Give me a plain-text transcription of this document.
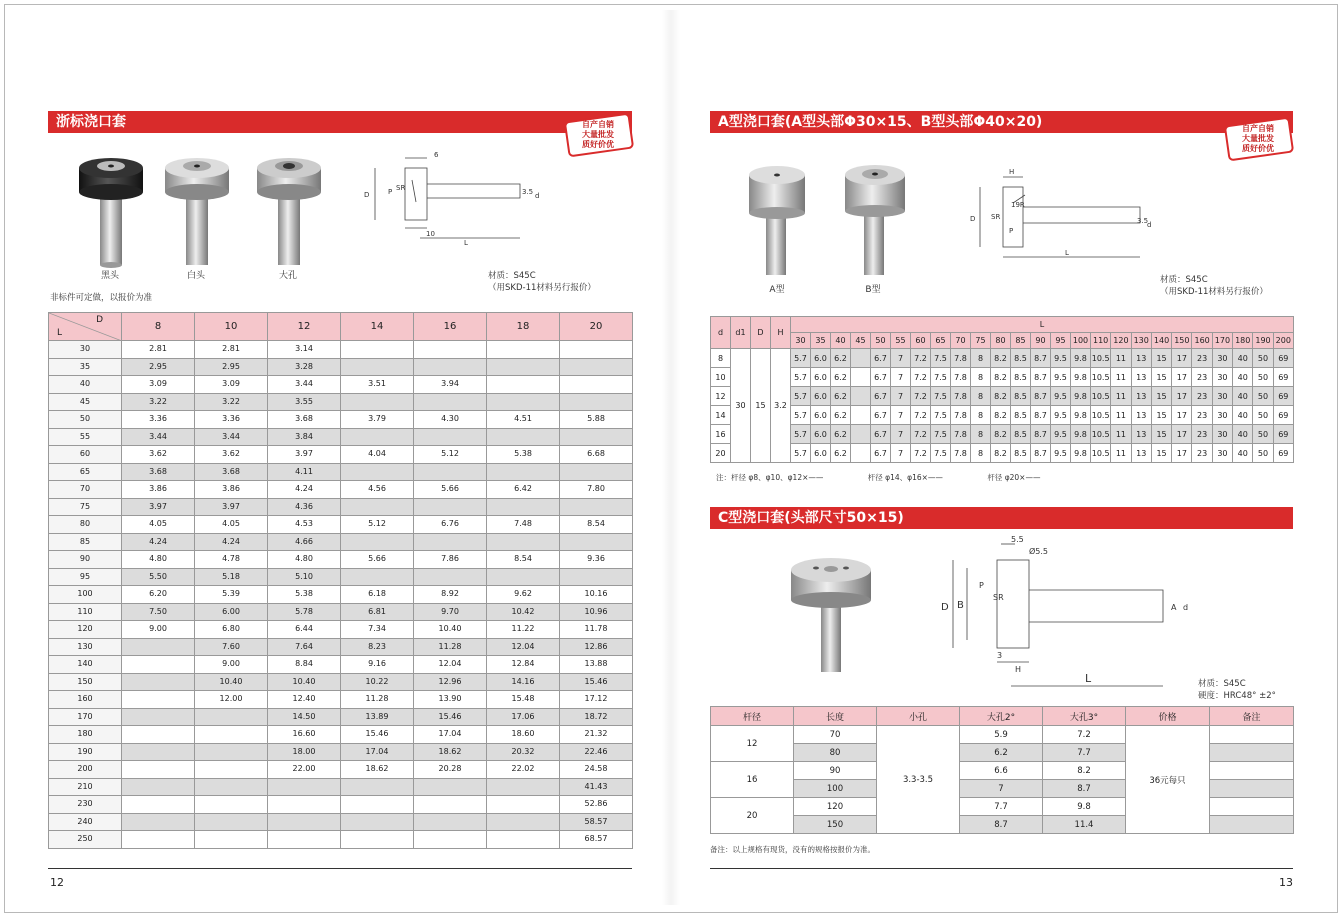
浙标浇口套	自产自销
大量批发
质好价优
黑头	白头	大孔
6
D	P SR	3.5 d
10
L
材质：S45C
（用SKD-11材料另行报价）
非标件可定做，以报价为准
D
L	8	10	12	14	16	18	20
30	2.81	2.81	3.14				
35	2.95	2.95	3.28				
40	3.09	3.09	3.44	3.51	3.94		
45	3.22	3.22	3.55				
50	3.36	3.36	3.68	3.79	4.30	4.51	5.88
55	3.44	3.44	3.84				
60	3.62	3.62	3.97	4.04	5.12	5.38	6.68
65	3.68	3.68	4.11				
70	3.86	3.86	4.24	4.56	5.66	6.42	7.80
75	3.97	3.97	4.36				
80	4.05	4.05	4.53	5.12	6.76	7.48	8.54
85	4.24	4.24	4.66				
90	4.80	4.78	4.80	5.66	7.86	8.54	9.36
95	5.50	5.18	5.10				
100	6.20	5.39	5.38	6.18	8.92	9.62	10.16
110	7.50	6.00	5.78	6.81	9.70	10.42	10.96
120	9.00	6.80	6.44	7.34	10.40	11.22	11.78
130		7.60	7.64	8.23	11.28	12.04	12.86
140		9.00	8.84	9.16	12.04	12.84	13.88
150		10.40	10.40	10.22	12.96	14.16	15.46
160		12.00	12.40	11.28	13.90	15.48	17.12
170			14.50	13.89	15.46	17.06	18.72
180			16.60	15.46	17.04	18.60	21.32
190			18.00	17.04	18.62	20.32	22.46
200			22.00	18.62	20.28	22.02	24.58
210							41.43
230							52.86
240							58.57
250							68.57
12
A型浇口套(A型头部Φ30×15、B型头部Φ40×20)	自产自销
大量批发
质好价优
A型	B型
H
D SR
19R
P
3.5
d
L
材质：S45C
（用SKD-11材料另行报价）
d	d1	D	H	L																								
				30	35	40	45	50	55	60	65	70	75	80	85	90	95	100	110	120	130	140	150	160	170	180	190	200
8	30	15	3.2	5.7	6.0	6.2		6.7	7	7.2	7.5	7.8	8	8.2	8.5	8.7	9.5	9.8	10.5	11	13	15	17	23	30	40	50	69
10				5.7	6.0	6.2		6.7	7	7.2	7.5	7.8	8	8.2	8.5	8.7	9.5	9.8	10.5	11	13	15	17	23	30	40	50	69
12				5.7	6.0	6.2		6.7	7	7.2	7.5	7.8	8	8.2	8.5	8.7	9.5	9.8	10.5	11	13	15	17	23	30	40	50	69
14				5.7	6.0	6.2		6.7	7	7.2	7.5	7.8	8	8.2	8.5	8.7	9.5	9.8	10.5	11	13	15	17	23	30	40	50	69
16				5.7	6.0	6.2		6.7	7	7.2	7.5	7.8	8	8.2	8.5	8.7	9.5	9.8	10.5	11	13	15	17	23	30	40	50	69
20				5.7	6.0	6.2		6.7	7	7.2	7.5	7.8	8	8.2	8.5	8.7	9.5	9.8	10.5	11	13	15	17	23	30	40	50	69
注：杆径 φ8、φ10、φ12×——	杆径 φ14、φ16×——	杆径 φ20×——
C型浇口套(头部尺寸50×15)
5.5
Ø5.5
D B
P
SR
A d
3
H
L	材质：S45C
硬度：HRC48° ±2°
杆径	长度	小孔	大孔2°	大孔3°	价格	备注
12	70	3.3-3.5	5.9	7.2	36元每只	
	80		6.2	7.7		
16	90		6.6	8.2		
	100		7	8.7		
20	120		7.7	9.8		
	150		8.7	11.4		
备注：以上规格有现货，没有的规格按报价为准。
13
